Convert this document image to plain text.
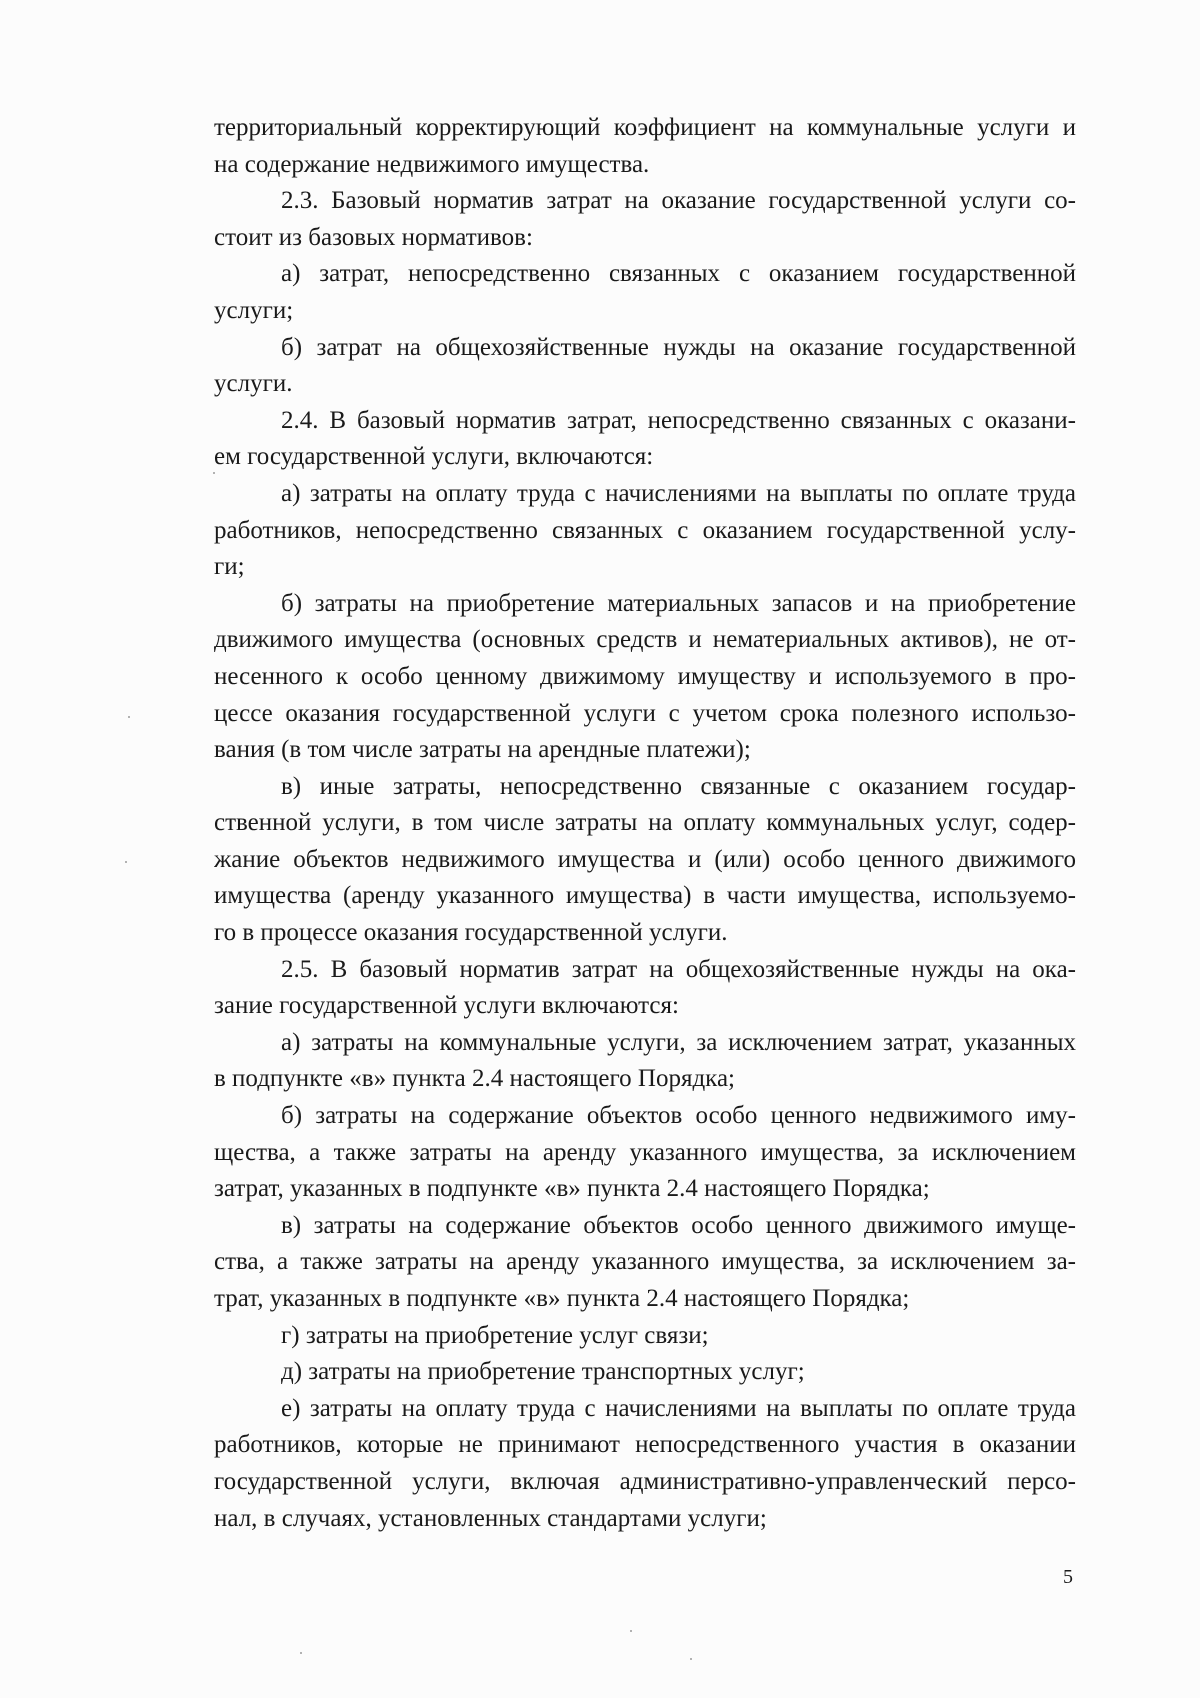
территориальный корректирующий коэффициент на коммунальные услуги и
на содержание недвижимого имущества.
2.3. Базовый норматив затрат на оказание государственной услуги со-
стоит из базовых нормативов:
а) затрат, непосредственно связанных с оказанием государственной
услуги;
б) затрат на общехозяйственные нужды на оказание государственной
услуги.
2.4. В базовый норматив затрат, непосредственно связанных с оказани-
ем государственной услуги, включаются:
а) затраты на оплату труда с начислениями на выплаты по оплате труда
работников, непосредственно связанных с оказанием государственной услу-
ги;
б) затраты на приобретение материальных запасов и на приобретение
движимого имущества (основных средств и нематериальных активов), не от-
несенного к особо ценному движимому имуществу и используемого в про-
цессе оказания государственной услуги с учетом срока полезного использо-
вания (в том числе затраты на арендные платежи);
в) иные затраты, непосредственно связанные с оказанием государ-
ственной услуги, в том числе затраты на оплату коммунальных услуг, содер-
жание объектов недвижимого имущества и (или) особо ценного движимого
имущества (аренду указанного имущества) в части имущества, используемо-
го в процессе оказания государственной услуги.
2.5. В базовый норматив затрат на общехозяйственные нужды на ока-
зание государственной услуги включаются:
а) затраты на коммунальные услуги, за исключением затрат, указанных
в подпункте «в» пункта 2.4 настоящего Порядка;
б) затраты на содержание объектов особо ценного недвижимого иму-
щества, а также затраты на аренду указанного имущества, за исключением
затрат, указанных в подпункте «в» пункта 2.4 настоящего Порядка;
в) затраты на содержание объектов особо ценного движимого имуще-
ства, а также затраты на аренду указанного имущества, за исключением за-
трат, указанных в подпункте «в» пункта 2.4 настоящего Порядка;
г) затраты на приобретение услуг связи;
д) затраты на приобретение транспортных услуг;
е) затраты на оплату труда с начислениями на выплаты по оплате труда
работников, которые не принимают непосредственного участия в оказании
государственной услуги, включая административно-управленческий персо-
нал, в случаях, установленных стандартами услуги;
5
